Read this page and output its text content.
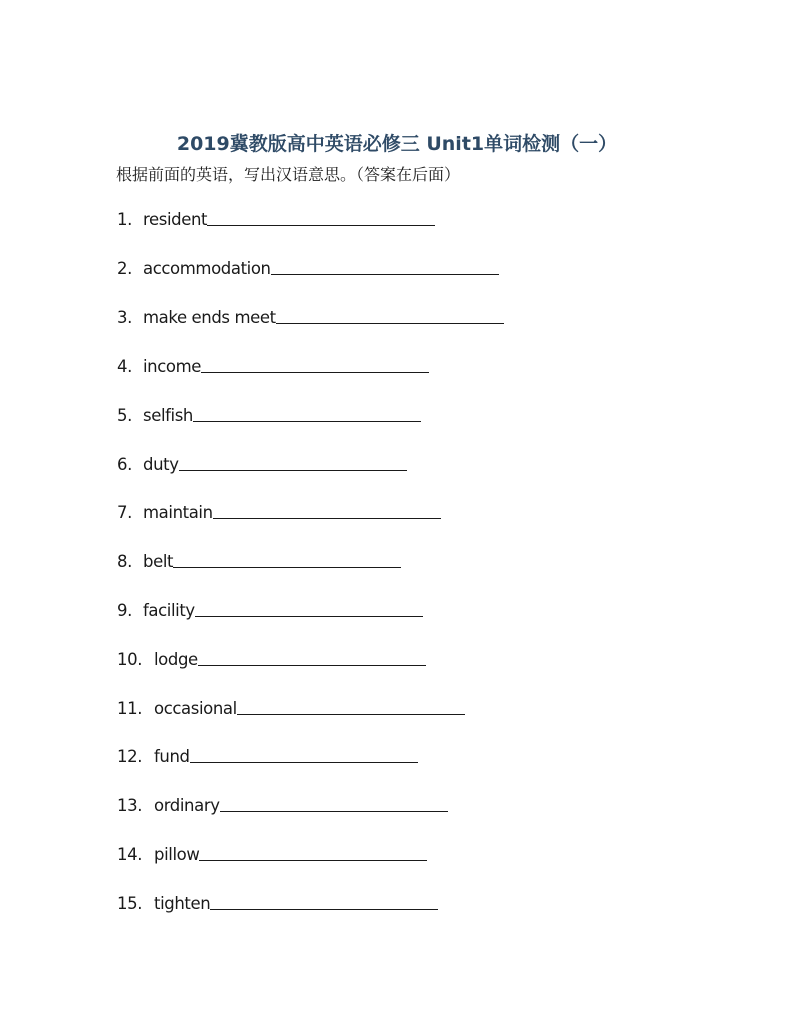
2019冀教版高中英语必修三 Unit1单词检测（一）
根据前面的英语，写出汉语意思。（答案在后面）
1. resident
2. accommodation
3. make ends meet
4. income
5. selfish
6. duty
7. maintain
8. belt
9. facility
10. lodge
11. occasional
12. fund
13. ordinary
14. pillow
15. tighten
